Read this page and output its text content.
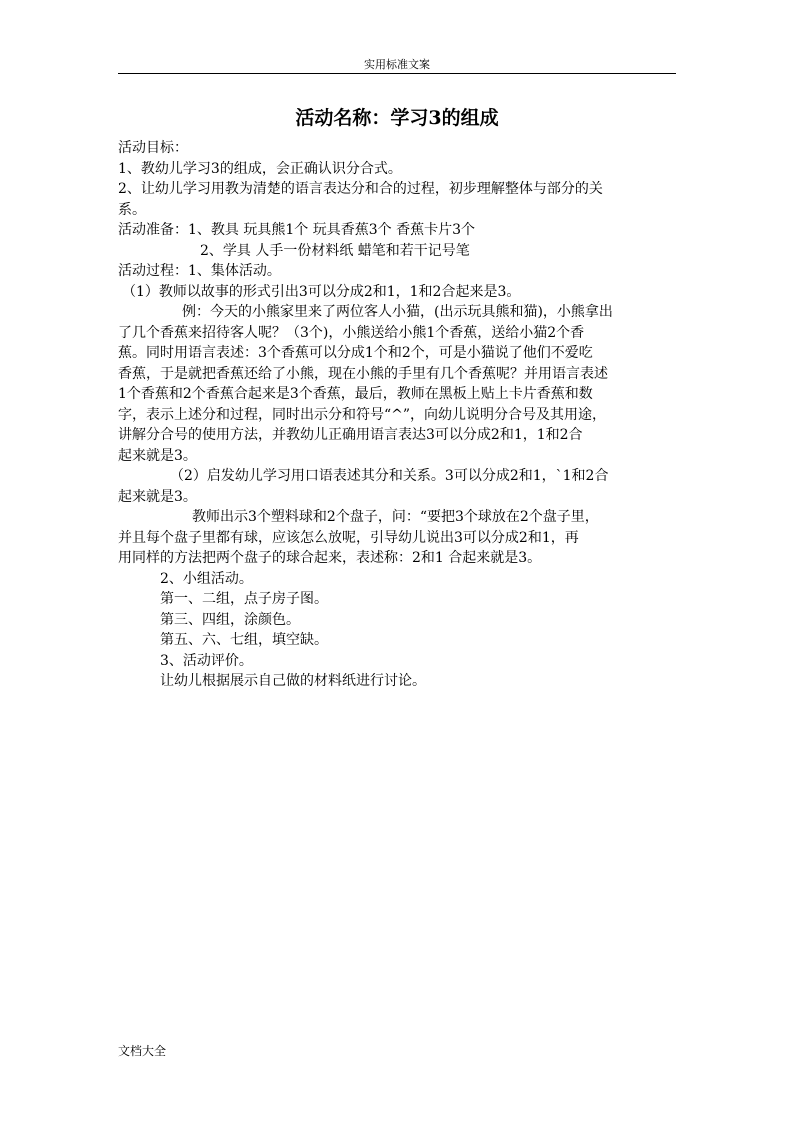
实用标准文案
活动名称：学习3的组成
活动目标：
1、教幼儿学习3的组成，会正确认识分合式。
2、让幼儿学习用教为清楚的语言表达分和合的过程，初步理解整体与部分的关
系。
活动准备：1、教具 玩具熊1个 玩具香蕉3个 香蕉卡片3个
2、学具 人手一份材料纸 蜡笔和若干记号笔
活动过程：1、集体活动。
（1）教师以故事的形式引出3可以分成2和1，1和2合起来是3。
例：今天的小熊家里来了两位客人小猫，(出示玩具熊和猫)，小熊拿出
了几个香蕉来招待客人呢？（3个)，小熊送给小熊1个香蕉，送给小猫2个香
蕉。同时用语言表述：3个香蕉可以分成1个和2个，可是小猫说了他们不爱吃
香蕉，于是就把香蕉还给了小熊，现在小熊的手里有几个香蕉呢？并用语言表述
1个香蕉和2个香蕉合起来是3个香蕉，最后，教师在黑板上贴上卡片香蕉和数
字，表示上述分和过程，同时出示分和符号“^”，向幼儿说明分合号及其用途，
讲解分合号的使用方法，并教幼儿正确用语言表达3可以分成2和1，1和2合
起来就是3。
（2）启发幼儿学习用口语表述其分和关系。3可以分成2和1，`1和2合
起来就是3。
教师出示3个塑料球和2个盘子，问：“要把3个球放在2个盘子里，
并且每个盘子里都有球，应该怎么放呢，引导幼儿说出3可以分成2和1，再
用同样的方法把两个盘子的球合起来，表述称：2和1 合起来就是3。
2、小组活动。
第一、二组，点子房子图。
第三、四组，涂颜色。
第五、六、七组，填空缺。
3、活动评价。
让幼儿根据展示自己做的材料纸进行讨论。
文档大全
